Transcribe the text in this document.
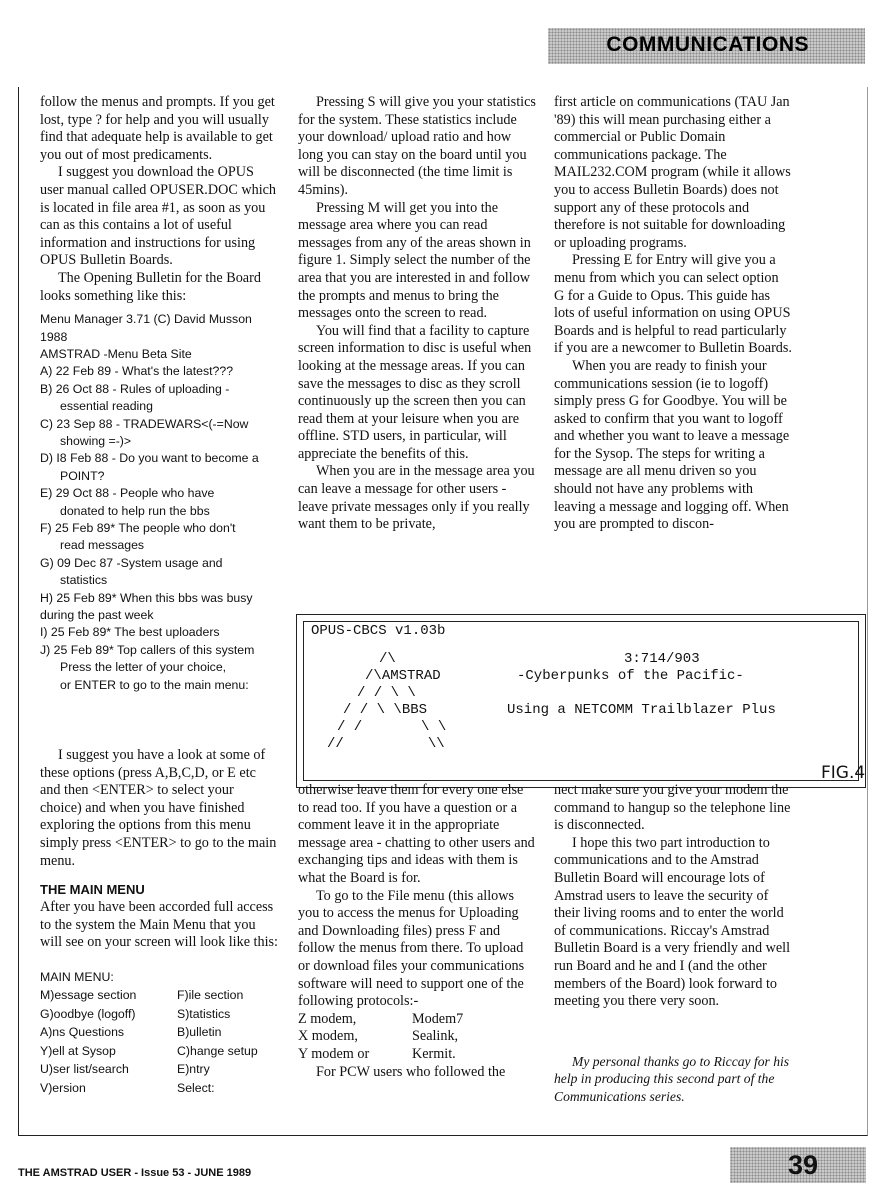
COMMUNICATIONS

follow the menus and prompts. If you get lost, type ? for help and you will usually find that adequate help is available to get you out of most predicaments.

I suggest you download the OPUS user manual called OPUSER.DOC which is located in file area #1, as soon as you can as this contains a lot of useful information and instructions for using OPUS Bulletin Boards.

The Opening Bulletin for the Board looks something like this:

Menu Manager 3.71 (C) David Musson 1988
AMSTRAD -Menu Beta Site
A) 22 Feb 89 - What's the latest???
B) 26 Oct 88 - Rules of uploading -
essential reading
C) 23 Sep 88 - TRADEWARS<(-=Now
showing =-)>
D) I8 Feb 88 - Do you want to become a
POINT?
E) 29 Oct 88 - People who have
donated to help run the bbs
F) 25 Feb 89* The people who don't
read messages
G) 09 Dec 87 -System usage and
statistics
H) 25 Feb 89* When this bbs was busy
during the past week
I) 25 Feb 89* The best uploaders
J) 25 Feb 89* Top callers of this system
Press the letter of your choice,
or ENTER to go to the main menu:

Pressing S will give you your statistics for the system. These statistics include your download/ upload ratio and how long you can stay on the board until you will be disconnected (the time limit is 45mins).

Pressing M will get you into the message area where you can read messages from any of the areas shown in figure 1. Simply select the number of the area that you are interested in and follow the prompts and menus to bring the messages onto the screen to read.

You will find that a facility to capture screen information to disc is useful when looking at the message areas. If you can save the messages to disc as they scroll continuously up the screen then you can read them at your leisure when you are offline. STD users, in particular, will appreciate the benefits of this.

When you are in the message area you can leave a message for other users - leave private messages only if you really want them to be private,

first article on communications (TAU Jan '89) this will mean purchasing either a commercial or Public Domain communications package. The MAIL232.COM program (while it allows you to access Bulletin Boards) does not support any of these protocols and therefore is not suitable for downloading or uploading programs.

Pressing E for Entry will give you a menu from which you can select option G for a Guide to Opus. This guide has lots of useful information on using OPUS Boards and is helpful to read particularly if you are a newcomer to Bulletin Boards.

When you are ready to finish your communications session (ie to logoff) simply press G for Goodbye. You will be asked to confirm that you want to logoff and whether you want to leave a message for the Sysop. The steps for writing a message are all menu driven so you should not have any problems with leaving a message and logging off. When you are prompted to discon-

OPUS-CBCS v1.03b
/\
/\AMSTRAD
/ / \ \
/ / \ \BBS
/ /       \ \
//          \\
3:714/903
-Cyberpunks of the Pacific-
Using a NETCOMM Trailblazer Plus
FIG.4

I suggest you have a look at some of these options (press A,B,C,D, or E etc and then <ENTER> to select your choice) and when you have finished exploring the options from this menu simply press <ENTER> to go to the main menu.

THE MAIN MENU

After you have been accorded full access to the system the Main Menu that you will see on your screen will look like this:

MAIN MENU:
M)essage section	F)ile section
G)oodbye (logoff)	S)tatistics
A)ns Questions	B)ulletin
Y)ell at Sysop	C)hange setup
U)ser list/search	E)ntry
V)ersion	Select:

otherwise leave them for every one else to read too. If you have a question or a comment leave it in the appropriate message area - chatting to other users and exchanging tips and ideas with them is what the Board is for.

To go to the File menu (this allows you to access the menus for Uploading and Downloading files) press F and follow the menus from there. To upload or download files your communications software will need to support one of the following protocols:-

Z modem,	Modem7
X modem,	Sealink,
Y modem or	Kermit.

For PCW users who followed the

nect make sure you give your modem the command to hangup so the telephone line is disconnected.

I hope this two part introduction to communications and to the Amstrad Bulletin Board will encourage lots of Amstrad users to leave the security of their living rooms and to enter the world of communications. Riccay's Amstrad Bulletin Board is a very friendly and well run Board and he and I (and the other members of the Board) look forward to meeting you there very soon.

My personal thanks go to Riccay for his help in producing this second part of the Communications series.

THE AMSTRAD USER - Issue 53 - JUNE 1989	39
